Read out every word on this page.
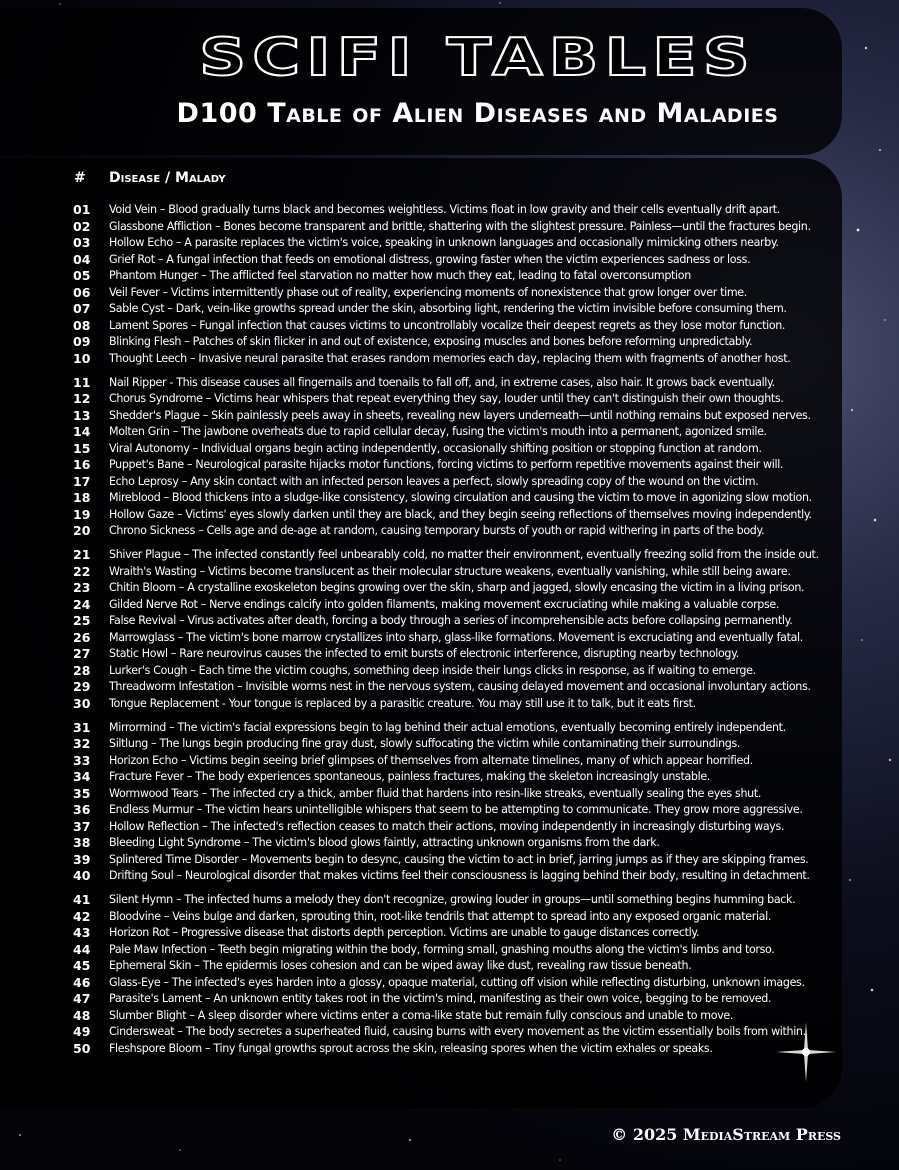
SCIFI TABLES
D100 Table of Alien Diseases and Maladies
# Disease / Malady
01	Void Vein – Blood gradually turns black and becomes weightless. Victims float in low gravity and their cells eventually drift apart.
02	Glassbone Affliction – Bones become transparent and brittle, shattering with the slightest pressure. Painless—until the fractures begin.
03	Hollow Echo – A parasite replaces the victim's voice, speaking in unknown languages and occasionally mimicking others nearby.
04	Grief Rot – A fungal infection that feeds on emotional distress, growing faster when the victim experiences sadness or loss.
05	Phantom Hunger – The afflicted feel starvation no matter how much they eat, leading to fatal overconsumption
06	Veil Fever – Victims intermittently phase out of reality, experiencing moments of nonexistence that grow longer over time.
07	Sable Cyst – Dark, vein-like growths spread under the skin, absorbing light, rendering the victim invisible before consuming them.
08	Lament Spores – Fungal infection that causes victims to uncontrollably vocalize their deepest regrets as they lose motor function.
09	Blinking Flesh – Patches of skin flicker in and out of existence, exposing muscles and bones before reforming unpredictably.
10	Thought Leech – Invasive neural parasite that erases random memories each day, replacing them with fragments of another host.
11	Nail Ripper - This disease causes all fingernails and toenails to fall off, and, in extreme cases, also hair. It grows back eventually.
12	Chorus Syndrome – Victims hear whispers that repeat everything they say, louder until they can't distinguish their own thoughts.
13	Shedder's Plague – Skin painlessly peels away in sheets, revealing new layers underneath—until nothing remains but exposed nerves.
14	Molten Grin – The jawbone overheats due to rapid cellular decay, fusing the victim's mouth into a permanent, agonized smile.
15	Viral Autonomy – Individual organs begin acting independently, occasionally shifting position or stopping function at random.
16	Puppet's Bane – Neurological parasite hijacks motor functions, forcing victims to perform repetitive movements against their will.
17	Echo Leprosy – Any skin contact with an infected person leaves a perfect, slowly spreading copy of the wound on the victim.
18	Mireblood – Blood thickens into a sludge-like consistency, slowing circulation and causing the victim to move in agonizing slow motion.
19	Hollow Gaze – Victims' eyes slowly darken until they are black, and they begin seeing reflections of themselves moving independently.
20	Chrono Sickness – Cells age and de-age at random, causing temporary bursts of youth or rapid withering in parts of the body.
21	Shiver Plague – The infected constantly feel unbearably cold, no matter their environment, eventually freezing solid from the inside out.
22	Wraith's Wasting – Victims become translucent as their molecular structure weakens, eventually vanishing, while still being aware.
23	Chitin Bloom – A crystalline exoskeleton begins growing over the skin, sharp and jagged, slowly encasing the victim in a living prison.
24	Gilded Nerve Rot – Nerve endings calcify into golden filaments, making movement excruciating while making a valuable corpse.
25	False Revival – Virus activates after death, forcing a body through a series of incomprehensible acts before collapsing permanently.
26	Marrowglass – The victim's bone marrow crystallizes into sharp, glass-like formations. Movement is excruciating and eventually fatal.
27	Static Howl – Rare neurovirus causes the infected to emit bursts of electronic interference, disrupting nearby technology.
28	Lurker's Cough – Each time the victim coughs, something deep inside their lungs clicks in response, as if waiting to emerge.
29	Threadworm Infestation – Invisible worms nest in the nervous system, causing delayed movement and occasional involuntary actions.
30	Tongue Replacement - Your tongue is replaced by a parasitic creature. You may still use it to talk, but it eats first.
31	Mirrormind – The victim's facial expressions begin to lag behind their actual emotions, eventually becoming entirely independent.
32	Siltlung – The lungs begin producing fine gray dust, slowly suffocating the victim while contaminating their surroundings.
33	Horizon Echo – Victims begin seeing brief glimpses of themselves from alternate timelines, many of which appear horrified.
34	Fracture Fever – The body experiences spontaneous, painless fractures, making the skeleton increasingly unstable.
35	Wormwood Tears – The infected cry a thick, amber fluid that hardens into resin-like streaks, eventually sealing the eyes shut.
36	Endless Murmur – The victim hears unintelligible whispers that seem to be attempting to communicate. They grow more aggressive.
37	Hollow Reflection – The infected's reflection ceases to match their actions, moving independently in increasingly disturbing ways.
38	Bleeding Light Syndrome – The victim's blood glows faintly, attracting unknown organisms from the dark.
39	Splintered Time Disorder – Movements begin to desync, causing the victim to act in brief, jarring jumps as if they are skipping frames.
40	Drifting Soul – Neurological disorder that makes victims feel their consciousness is lagging behind their body, resulting in detachment.
41	Silent Hymn – The infected hums a melody they don't recognize, growing louder in groups—until something begins humming back.
42	Bloodvine – Veins bulge and darken, sprouting thin, root-like tendrils that attempt to spread into any exposed organic material.
43	Horizon Rot – Progressive disease that distorts depth perception. Victims are unable to gauge distances correctly.
44	Pale Maw Infection – Teeth begin migrating within the body, forming small, gnashing mouths along the victim's limbs and torso.
45	Ephemeral Skin – The epidermis loses cohesion and can be wiped away like dust, revealing raw tissue beneath.
46	Glass-Eye – The infected's eyes harden into a glossy, opaque material, cutting off vision while reflecting disturbing, unknown images.
47	Parasite's Lament – An unknown entity takes root in the victim's mind, manifesting as their own voice, begging to be removed.
48	Slumber Blight – A sleep disorder where victims enter a coma-like state but remain fully conscious and unable to move.
49	Cindersweat – The body secretes a superheated fluid, causing burns with every movement as the victim essentially boils from within.
50	Fleshspore Bloom – Tiny fungal growths sprout across the skin, releasing spores when the victim exhales or speaks.
© 2025 MediaStream Press
